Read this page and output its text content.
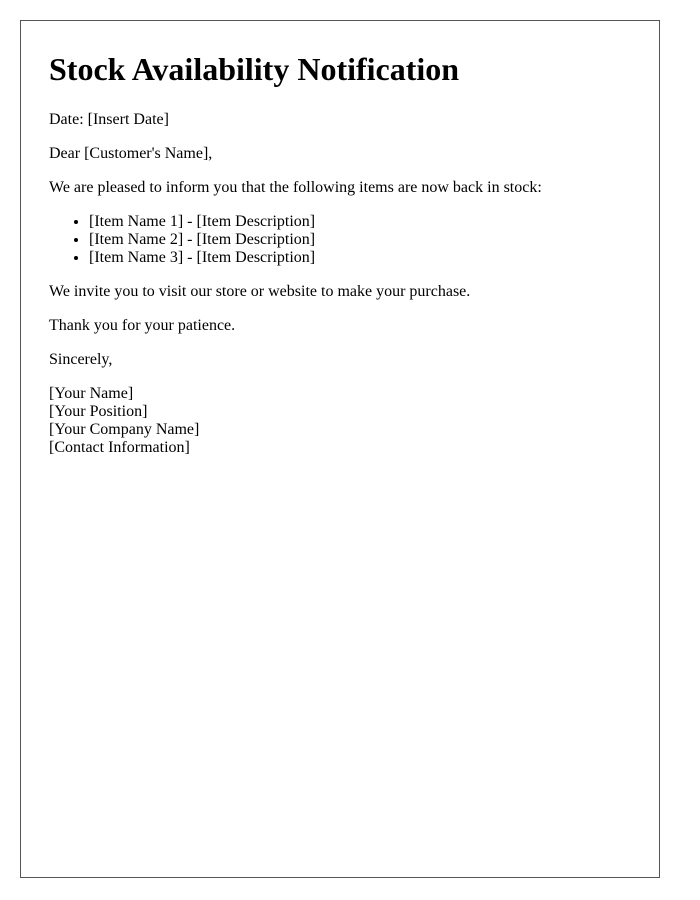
Stock Availability Notification

Date: [Insert Date]

Dear [Customer's Name],

We are pleased to inform you that the following items are now back in stock:

• [Item Name 1] - [Item Description]
• [Item Name 2] - [Item Description]
• [Item Name 3] - [Item Description]

We invite you to visit our store or website to make your purchase.

Thank you for your patience.

Sincerely,

[Your Name]
[Your Position]
[Your Company Name]
[Contact Information]
